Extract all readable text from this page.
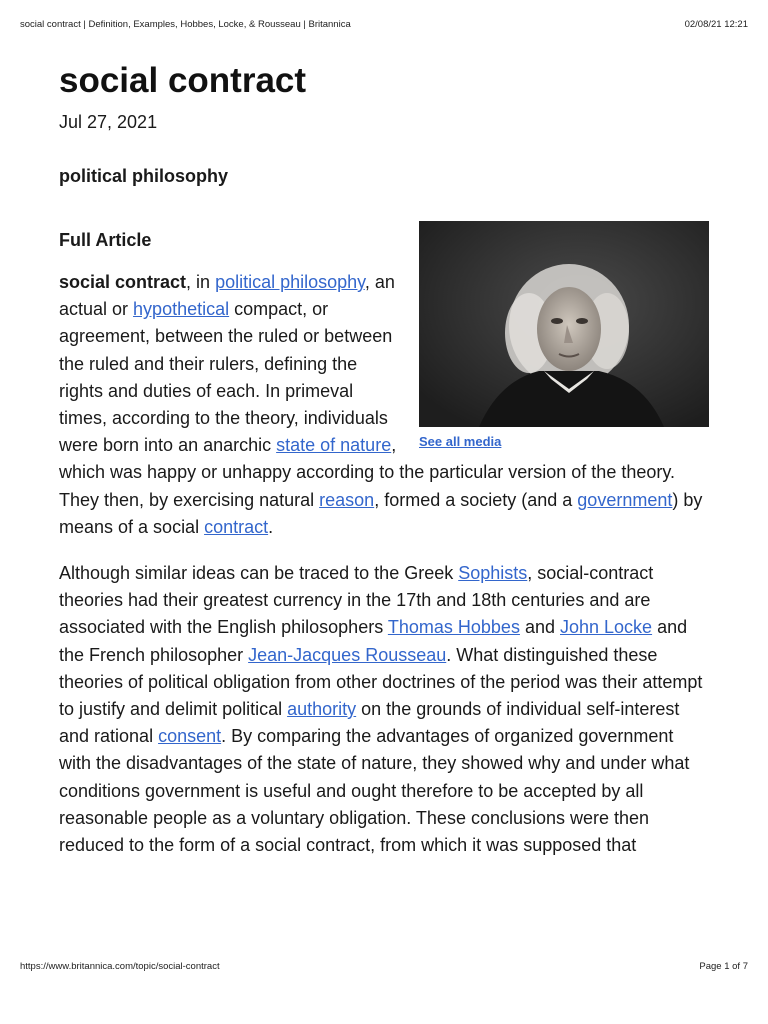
social contract | Definition, Examples, Hobbes, Locke, & Rousseau | Britannica	02/08/21 12:21
social contract
Jul 27, 2021
political philosophy
See all media

Full Article

social contract, in political philosophy, an actual or hypothetical compact, or agreement, between the ruled or between the ruled and their rulers, defining the rights and duties of each. In primeval times, according to the theory, individuals were born into an anarchic state of nature, which was happy or unhappy according to the particular version of the theory. They then, by exercising natural reason, formed a society (and a government) by means of a social contract.

Although similar ideas can be traced to the Greek Sophists, social-contract theories had their greatest currency in the 17th and 18th centuries and are associated with the English philosophers Thomas Hobbes and John Locke and the French philosopher Jean-Jacques Rousseau. What distinguished these theories of political obligation from other doctrines of the period was their attempt to justify and delimit political authority on the grounds of individual self-interest and rational consent. By comparing the advantages of organized government with the disadvantages of the state of nature, they showed why and under what conditions government is useful and ought therefore to be accepted by all reasonable people as a voluntary obligation. These conclusions were then reduced to the form of a social contract, from which it was supposed that

https://www.britannica.com/topic/social-contract	Page 1 of 7
